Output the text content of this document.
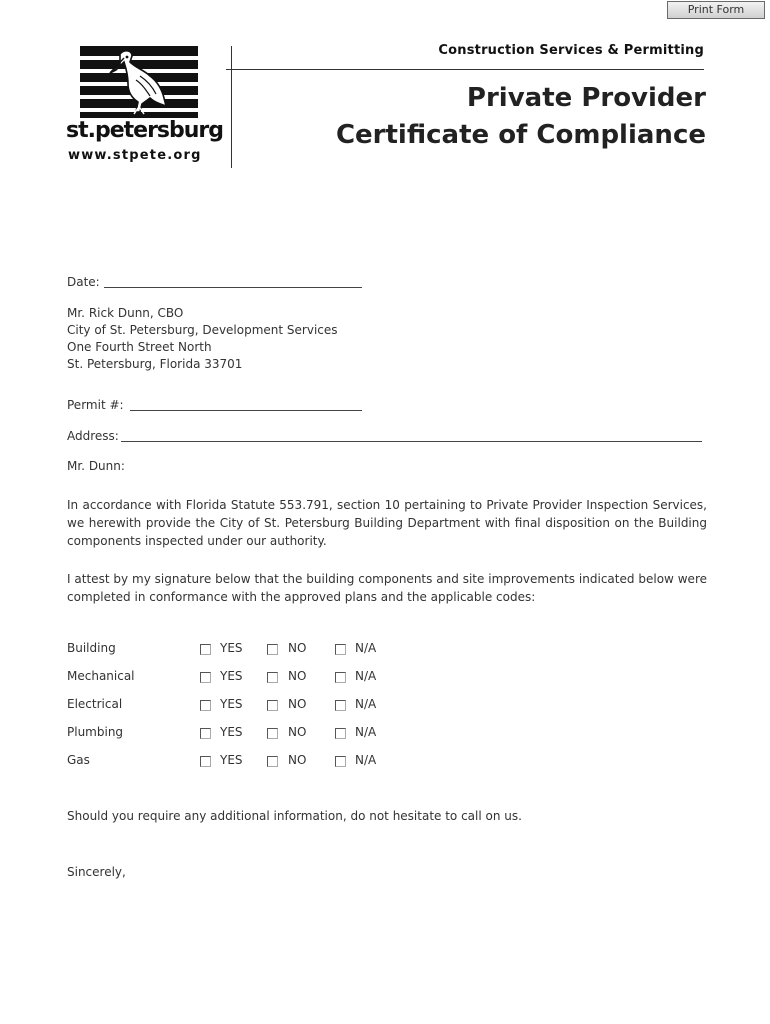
Print Form
st.petersburg
www.stpete.org
Construction Services & Permitting
Private Provider
Certificate of Compliance
Date:
Mr. Rick Dunn, CBO
City of St. Petersburg, Development Services
One Fourth Street North
St. Petersburg, Florida 33701
Permit #:
Address:
Mr. Dunn:
In accordance with Florida Statute 553.791, section 10 pertaining to Private Provider Inspection Services, we herewith provide the City of St. Petersburg Building Department with final disposition on the Building components inspected under our authority.
I attest by my signature below that the building components and site improvements indicated below were completed in conformance with the approved plans and the applicable codes:
Building	YES	NO	N/A
Mechanical	YES	NO	N/A
Electrical	YES	NO	N/A
Plumbing	YES	NO	N/A
Gas	YES	NO	N/A
Should you require any additional information, do not hesitate to call on us.
Sincerely,
